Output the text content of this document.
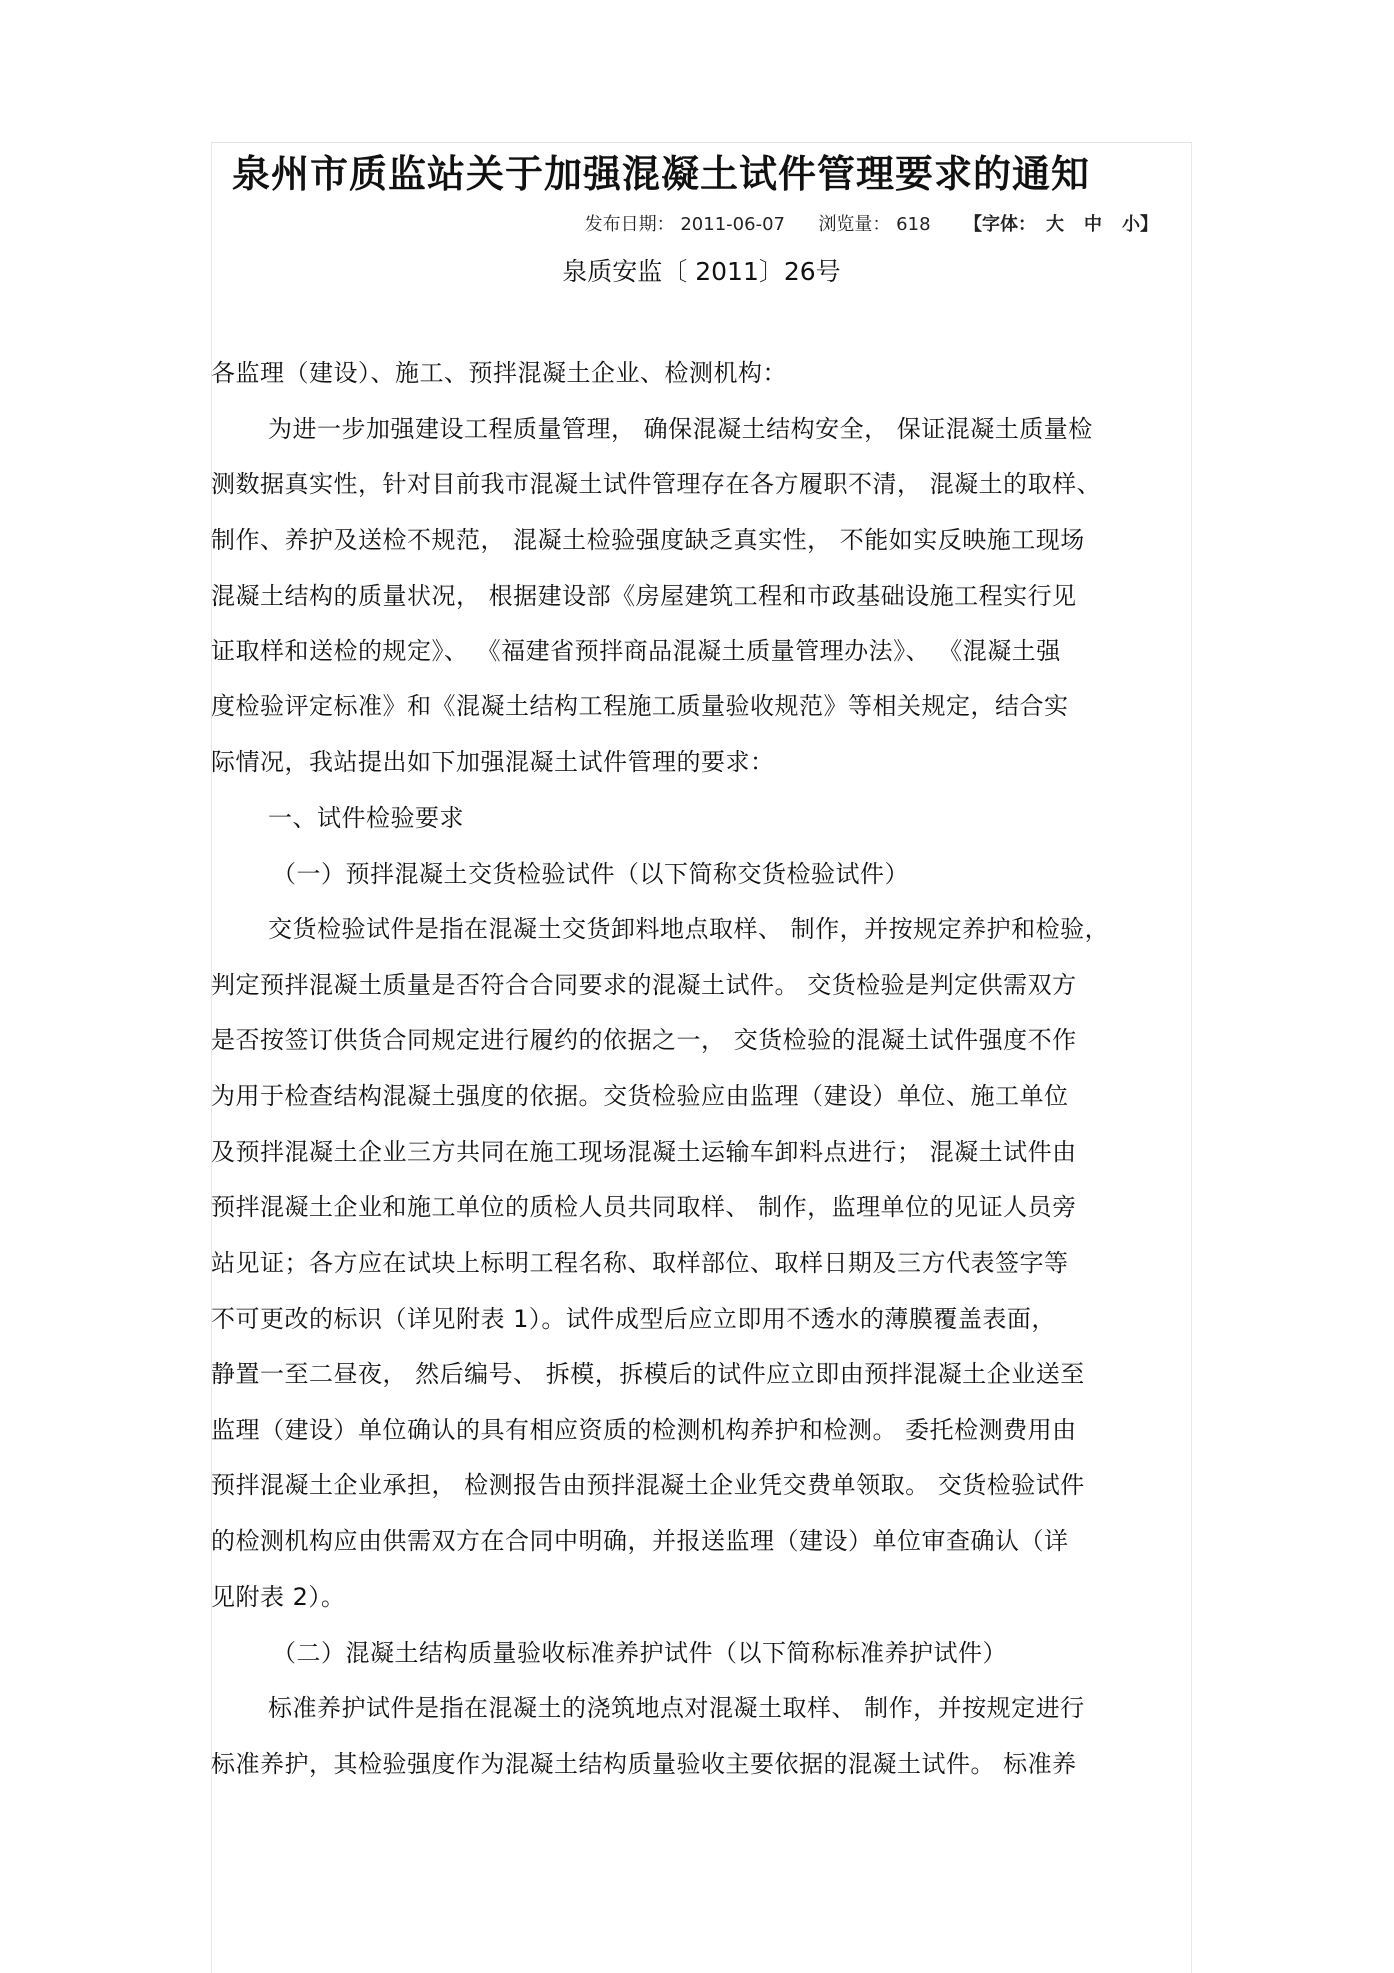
泉州市质监站关于加强混凝土试件管理要求的通知
发布日期： 2011-06-07 浏览量： 618 【字体： 大 中 小】
泉质安监〔 2011〕26号
各监理（建设）、施工、预拌混凝土企业、检测机构：
为进一步加强建设工程质量管理， 确保混凝土结构安全， 保证混凝土质量检
测数据真实性，针对目前我市混凝土试件管理存在各方履职不清， 混凝土的取样、
制作、养护及送检不规范， 混凝土检验强度缺乏真实性， 不能如实反映施工现场
混凝土结构的质量状况， 根据建设部《房屋建筑工程和市政基础设施工程实行见
证取样和送检的规定》、 《福建省预拌商品混凝土质量管理办法》、 《混凝土强
度检验评定标准》和《混凝土结构工程施工质量验收规范》等相关规定，结合实
际情况，我站提出如下加强混凝土试件管理的要求：
一、试件检验要求
（一）预拌混凝土交货检验试件（以下简称交货检验试件）
交货检验试件是指在混凝土交货卸料地点取样、 制作，并按规定养护和检验，
判定预拌混凝土质量是否符合合同要求的混凝土试件。 交货检验是判定供需双方
是否按签订供货合同规定进行履约的依据之一， 交货检验的混凝土试件强度不作
为用于检查结构混凝土强度的依据。交货检验应由监理（建设）单位、施工单位
及预拌混凝土企业三方共同在施工现场混凝土运输车卸料点进行； 混凝土试件由
预拌混凝土企业和施工单位的质检人员共同取样、 制作，监理单位的见证人员旁
站见证；各方应在试块上标明工程名称、取样部位、取样日期及三方代表签字等
不可更改的标识（详见附表 1）。试件成型后应立即用不透水的薄膜覆盖表面，
静置一至二昼夜， 然后编号、 拆模，拆模后的试件应立即由预拌混凝土企业送至
监理（建设）单位确认的具有相应资质的检测机构养护和检测。 委托检测费用由
预拌混凝土企业承担， 检测报告由预拌混凝土企业凭交费单领取。 交货检验试件
的检测机构应由供需双方在合同中明确，并报送监理（建设）单位审查确认（详
见附表 2）。
（二）混凝土结构质量验收标准养护试件（以下简称标准养护试件）
标准养护试件是指在混凝土的浇筑地点对混凝土取样、 制作，并按规定进行
标准养护，其检验强度作为混凝土结构质量验收主要依据的混凝土试件。 标准养
